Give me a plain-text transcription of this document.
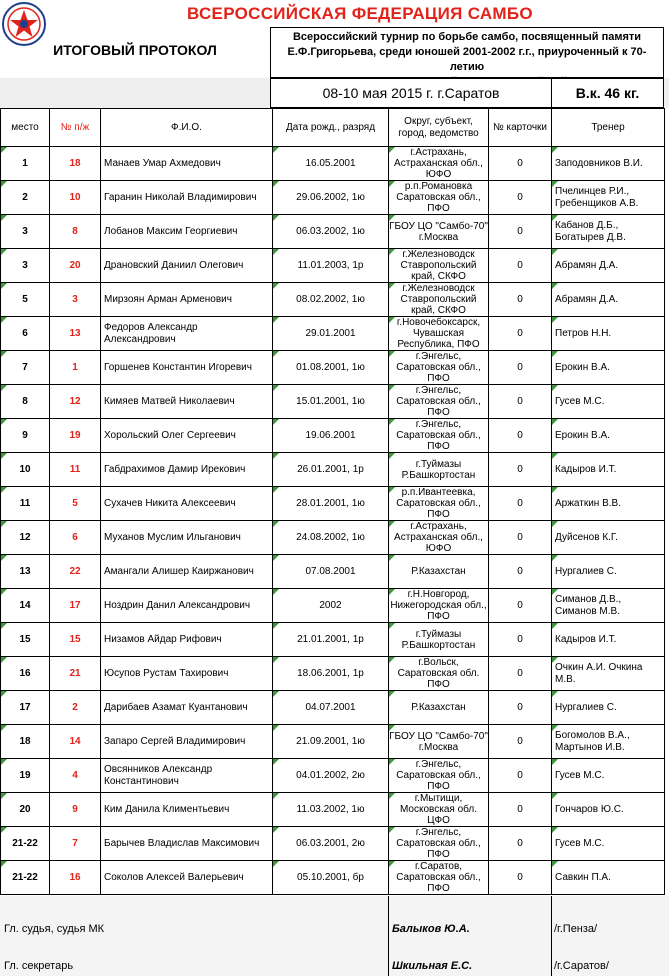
ВСЕРОССИЙСКАЯ ФЕДЕРАЦИЯ САМБО
ИТОГОВЫЙ ПРОТОКОЛ
Всероссийский турнир по борьбе самбо, посвященный памяти
Е.Ф.Григорьева, среди юношей 2001-2002 г.г., приуроченный к 70-летию
08-10 мая 2015 г. г.Саратов	В.к. 46 кг.
место	№ п/ж	Ф.И.О.	Дата рожд., разряд	Округ, субъект, город, ведомство	№ карточки	Тренер
1	18	Манаев Умар Ахмедович	16.05.2001	г.Астрахань, Астраханская обл., ЮФО	0	Заподовников В.И.

2	10	Гаранин Николай Владимирович	29.06.2002, 1ю	р.п.Романовка Саратовская обл., ПФО	0	Пчелинцев Р.И., Гребенщиков А.В.

3	8	Лобанов Максим Георгиевич	06.03.2002, 1ю	ГБОУ ЦО "Самбо-70" г.Москва	0	Кабанов Д.Б., Богатырев Д.В.

3	20	Драновский Даниил Олегович	11.01.2003, 1р	г.Железноводск Ставропольский край, СКФО	0	Абрамян Д.А.

5	3	Мирзоян Арман Арменович	08.02.2002, 1ю	г.Железноводск Ставропольский край, СКФО	0	Абрамян Д.А.

6	13	Федоров Александр Александрович	29.01.2001	г.Новочебоксарск, Чувашская Республика, ПФО	0	Петров Н.Н.

7	1	Горшенев Константин Игоревич	01.08.2001, 1ю	г.Энгельс, Саратовская обл., ПФО	0	Ерокин В.А.

8	12	Кимяев Матвей Николаевич	15.01.2001, 1ю	г.Энгельс, Саратовская обл., ПФО	0	Гусев М.С.

9	19	Хорольский Олег Сергеевич	19.06.2001	г.Энгельс, Саратовская обл., ПФО	0	Ерокин В.А.

10	11	Габдрахимов Дамир Ирекович	26.01.2001, 1р	г.Туймазы Р.Башкортостан	0	Кадыров И.Т.

11	5	Сухачев Никита Алексеевич	28.01.2001, 1ю	р.п.Ивантеевка, Саратовская обл., ПФО	0	Аржаткин В.В.

12	6	Муханов Муслим Ильганович	24.08.2002, 1ю	г.Астрахань, Астраханская обл., ЮФО	0	Дуйсенов К.Г.

13	22	Амангали Алишер Каиржанович	07.08.2001	Р.Казахстан	0	Нургалиев С.

14	17	Ноздрин Данил Александрович	2002	г.Н.Новгород, Нижегородская обл., ПФО	0	Симанов Д.В., Симанов М.В.

15	15	Низамов Айдар Рифович	21.01.2001, 1р	г.Туймазы Р.Башкортостан	0	Кадыров И.Т.

16	21	Юсупов Рустам Тахирович	18.06.2001, 1р	г.Вольск, Саратовская обл. ПФО	0	Очкин А.И. Очкина М.В.

17	2	Дарибаев Азамат Куантанович	04.07.2001	Р.Казахстан	0	Нургалиев С.

18	14	Запаро Сергей Владимирович	21.09.2001, 1ю	ГБОУ ЦО "Самбо-70" г.Москва	0	Богомолов В.А., Мартынов И.В.

19	4	Овсянников Александр Константинович	04.01.2002, 2ю	г.Энгельс, Саратовская обл., ПФО	0	Гусев М.С.

20	9	Ким Данила Климентьевич	11.03.2002, 1ю	г.Мытищи, Московская обл. ЦФО	0	Гончаров Ю.С.

21-22	7	Барычев Владислав Максимович	06.03.2001, 2ю	г.Энгельс, Саратовская обл., ПФО	0	Гусев М.С.

21-22	16	Соколов Алексей Валерьевич	05.10.2001, бр	г.Саратов, Саратовская обл., ПФО	0	Савкин П.А.
Гл. судья, судья МК	Балыков Ю.А.	/г.Пенза/
Гл. секретарь	Шкильная Е.С.	/г.Саратов/
